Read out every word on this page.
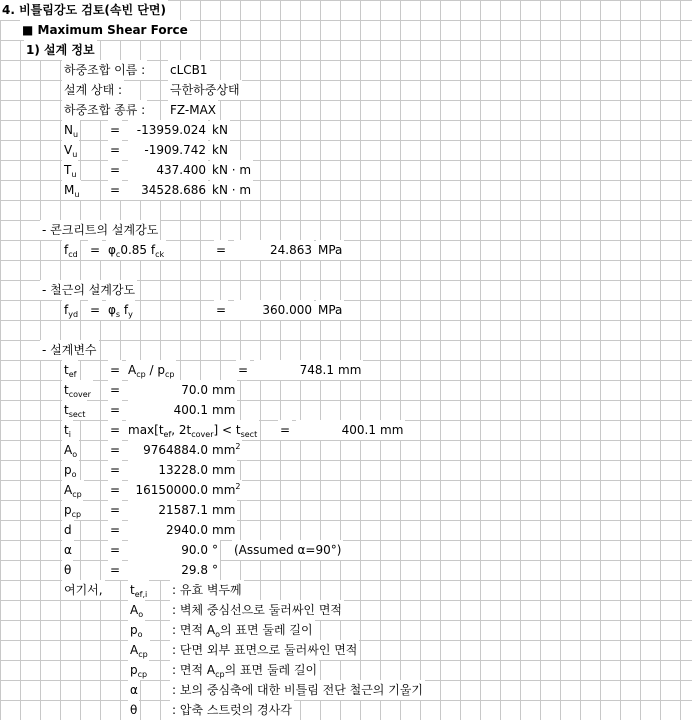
4. 비틀림강도 검토(속빈 단면)
■ Maximum Shear Force
1) 설계 정보
하중조합 이름 : cLCB1
설계 상태 :	극한하중상태
하중조합 종류 : FZ-MAX
$N_u$	=	-13959.024 kN
$V_u$	=	-1909.742 kN
$T_u$	=	437.400 kN · m
$M_u$	=	34528.686 kN · m
- 콘크리트의 설계강도
$f_{cd} = \varphi_c0.85$ $f_{ck}$	=	24.863 MPa
- 철근의 설계강도
$f_{yd} = \varphi_s$ $f_y$	=	360.000 MPa
- 설계변수
$t_{ef}$	= $A_{cp} / p_{cp}$	=	748.1 mm
$t_{cover}$ =	70.0 mm
$t_{sect}$ =	400.1 mm
$t_i$	= $\max[t_{ef}$, $2t_{cover}] < t_{sect}$ =	400.1 mm
$A_o$	=	9764884.0 $mm^2$
$p_o$	=	13228.0 mm
$A_{cp}$ =	16150000.0 $mm^2$
$p_{cp}$ =	21587.1 mm
d	=	2940.0 mm
α	=	90.0 ° (Assumed α=90°)
θ	=	29.8 °
여기서, $t_{ef,i}$ : 유효 벽두께
$A_o$ : 벽체 중심선으로 둘러싸인 면적
$p_o$ : 면적 $A_o$의 표면 둘레 길이
$A_{cp}$ : 단면 외부 표면으로 둘러싸인 면적
$p_{cp}$ : 면적 $A_{cp}$의 표면 둘레 길이
α	: 보의 중심축에 대한 비틀림 전단 철근의 기울기
θ	: 압축 스트럿의 경사각
